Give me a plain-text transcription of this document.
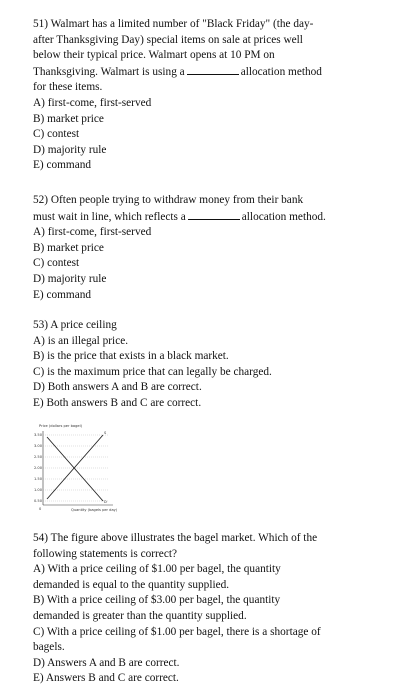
51) Walmart has a limited number of "Black Friday" (the day-
after Thanksgiving Day) special items on sale at prices well
below their typical price. Walmart opens at 10 PM on
Thanksgiving. Walmart is using a	allocation method
for these items.
A) first-come, first-served
B) market price
C) contest
D) majority rule
E) command
52) Often people trying to withdraw money from their bank
must wait in line, which reflects a	allocation method.
A) first-come, first-served
B) market price
C) contest
D) majority rule
E) command
53) A price ceiling
A) is an illegal price.
B) is the price that exists in a black market.
C) is the maximum price that can legally be charged.
D) Both answers A and B are correct.
E) Both answers B and C are correct.
Price (dollars per bagel)
3.50
3.00
2.50
2.00
1.50
1.00
0.50
S
D
0	Quantity (bagels per day)
54) The figure above illustrates the bagel market. Which of the
following statements is correct?
A) With a price ceiling of $1.00 per bagel, the quantity
demanded is equal to the quantity supplied.
B) With a price ceiling of $3.00 per bagel, the quantity
demanded is greater than the quantity supplied.
C) With a price ceiling of $1.00 per bagel, there is a shortage of
bagels.
D) Answers A and B are correct.
E) Answers B and C are correct.
